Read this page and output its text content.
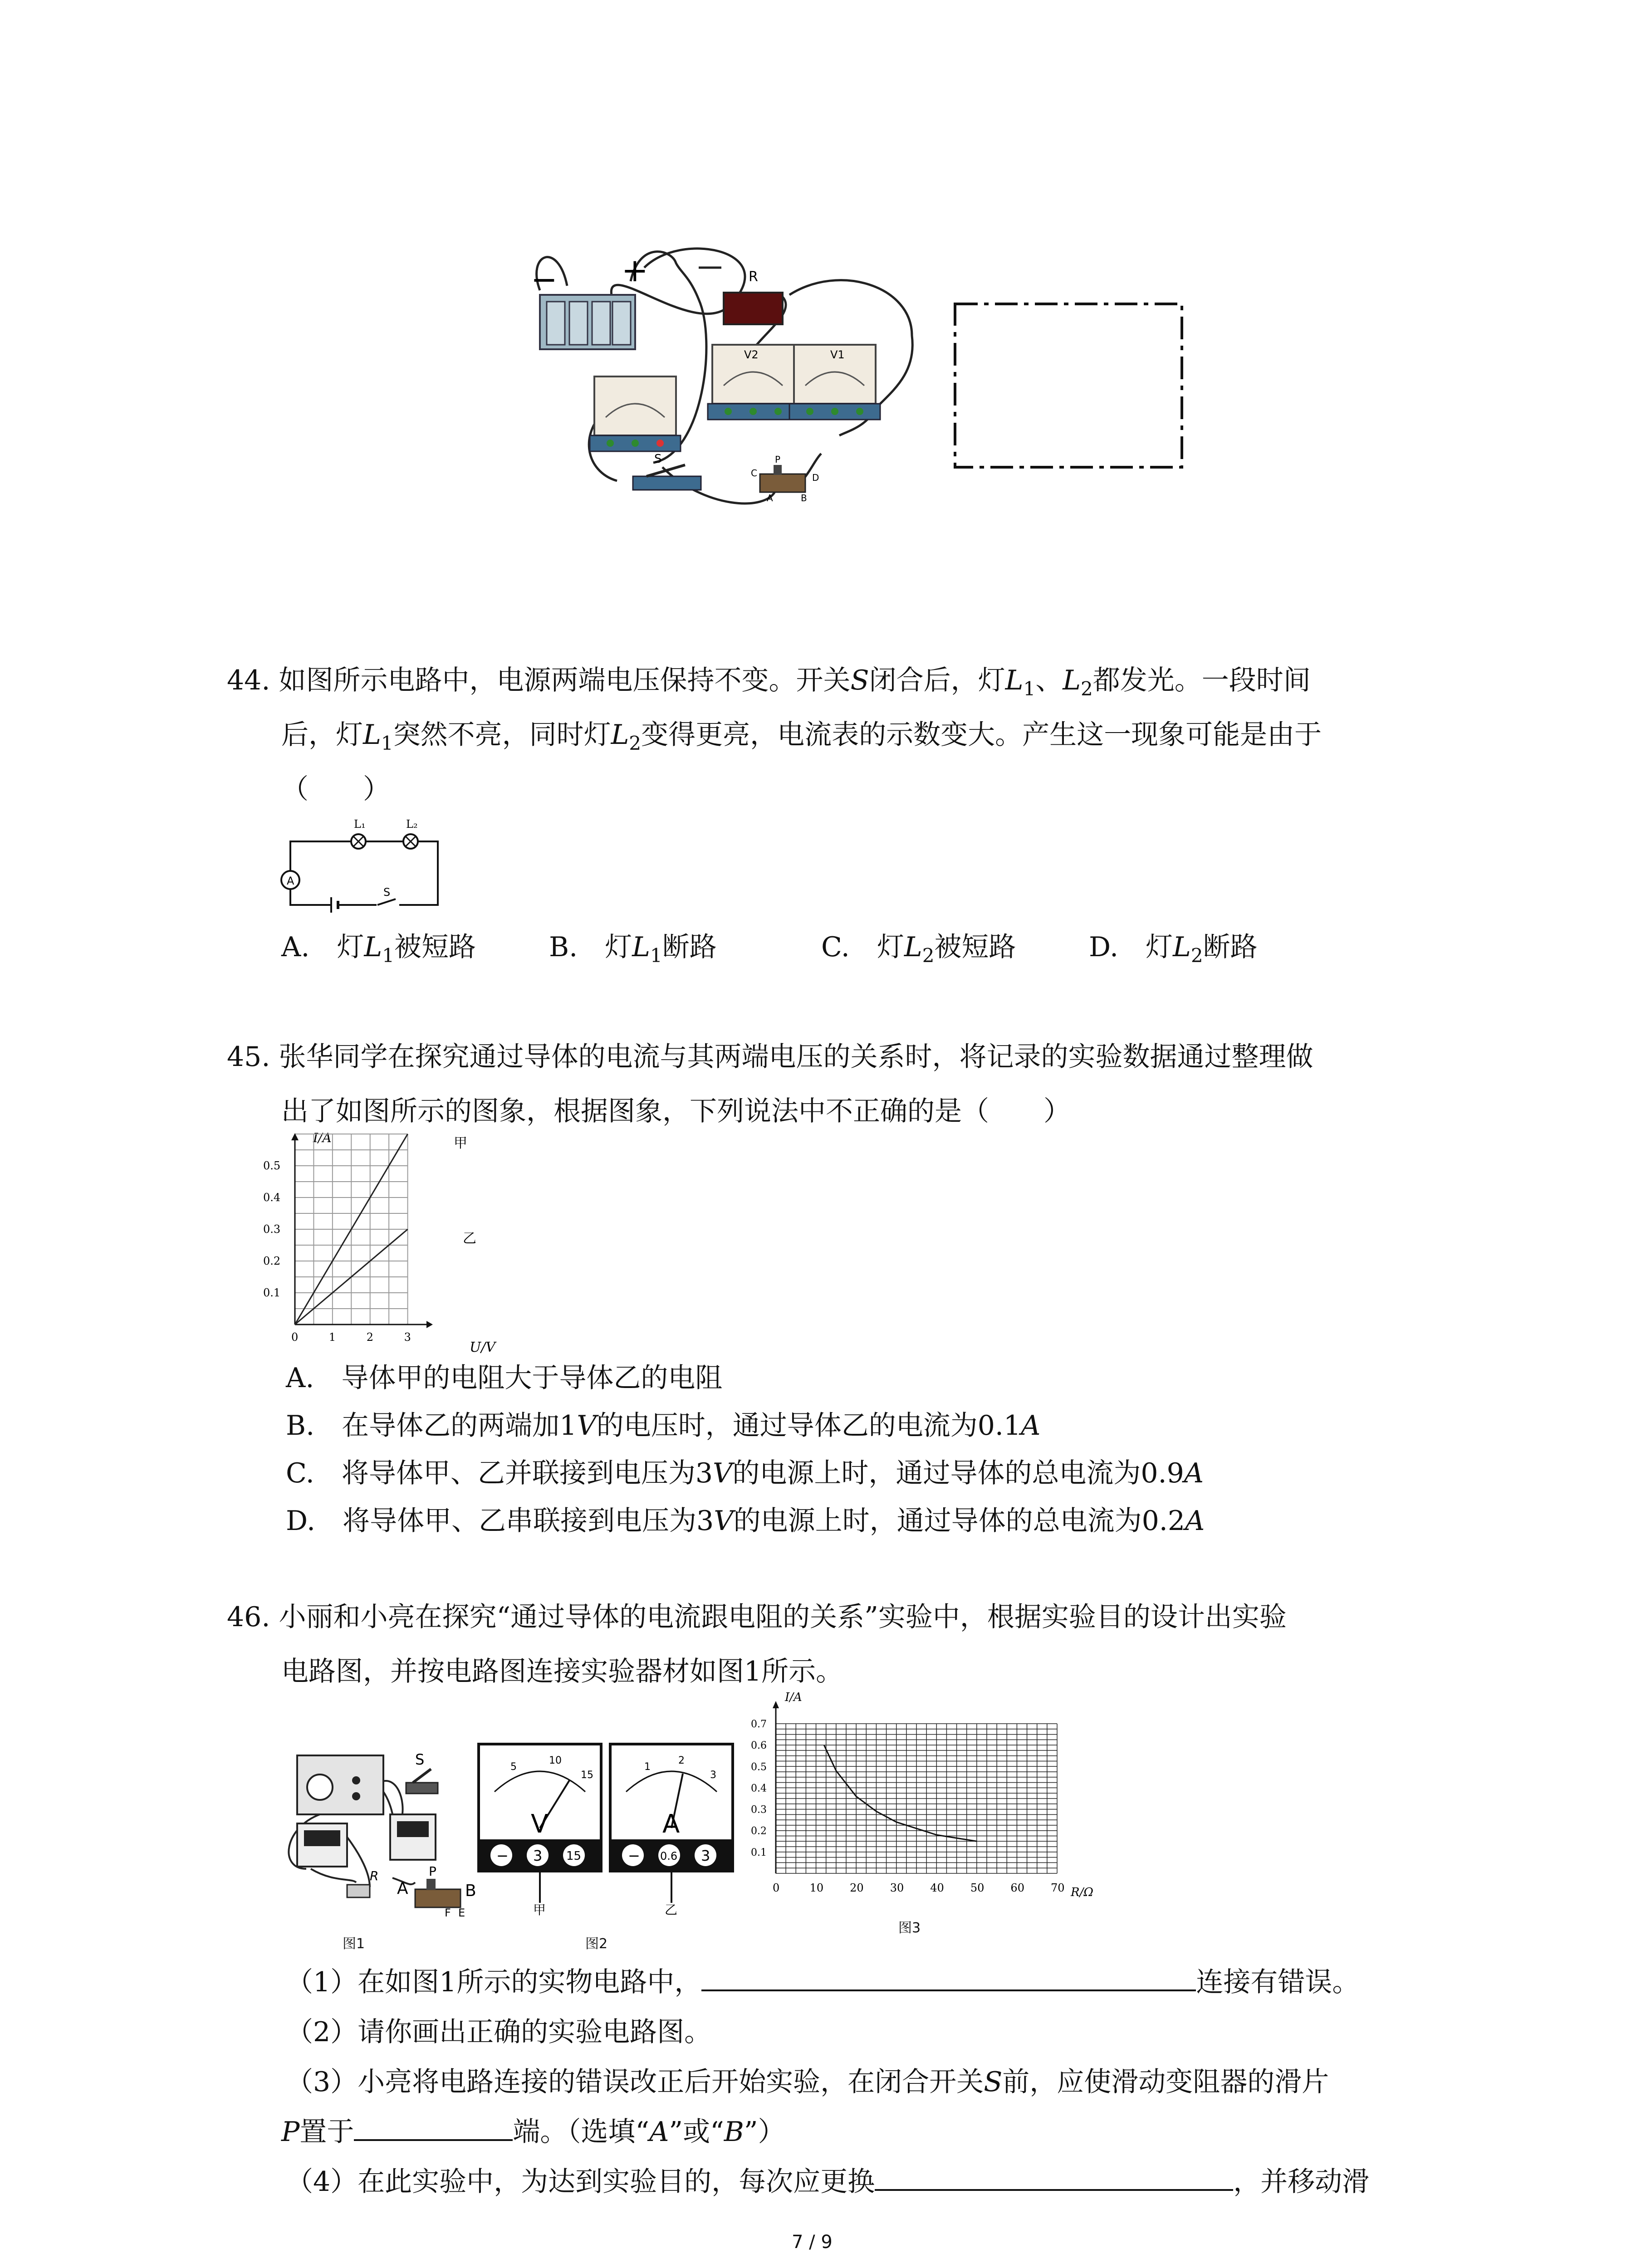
− +	R
V2	V1
S
C
P
D
A	B
44. 如图所示电路中，电源两端电压保持不变。开关S闭合后，灯$L_1$、$L_2$都发光。一段时间
后，灯$L_1$突然不亮，同时灯$L_2$变得更亮，电流表的示数变大。产生这一现象可能是由于
（　　）
A
L₁	L₂
S
A.  灯$L_1$被短路	B.  灯$L_1$断路	C.  灯$L_2$被短路	D.  灯$L_2$断路
45. 张华同学在探究通过导体的电流与其两端电压的关系时，将记录的实验数据通过整理做
出了如图所示的图象，根据图象，下列说法中不正确的是（　　）
I/A
U/V
甲
乙
0	1	2	3
0.1
0.2
0.3
0.4
0.5
A.  导体甲的电阻大于导体乙的电阻
B.  在导体乙的两端加1V的电压时，通过导体乙的电流为0.1A
C.  将导体甲、乙并联接到电压为3V的电源上时，通过导体的总电流为0.9A
D.  将导体甲、乙串联接到电压为3V的电源上时，通过导体的总电流为0.2A
46. 小丽和小亮在探究“通过导体的电流跟电阻的关系”实验中，根据实验目的设计出实验
电路图，并按电路图连接实验器材如图1所示。
S
R
A
P
B
F E
图1
V
5
10
15
− 3 15
甲
A
1
2
3
− 0.6 3
乙
图2
I/A
R/Ω
0	10 20 30 40 50 60 70
0.1
0.2
0.3
0.4
0.5
0.6
0.7
图3
（1）在如图1所示的实物电路中，	连接有错误。
（2）请你画出正确的实验电路图。
（3）小亮将电路连接的错误改正后开始实验，在闭合开关S前，应使滑动变阻器的滑片
P置于	端。（选填“A”或“B”）
（4）在此实验中，为达到实验目的，每次应更换	，并移动滑
7 / 9
